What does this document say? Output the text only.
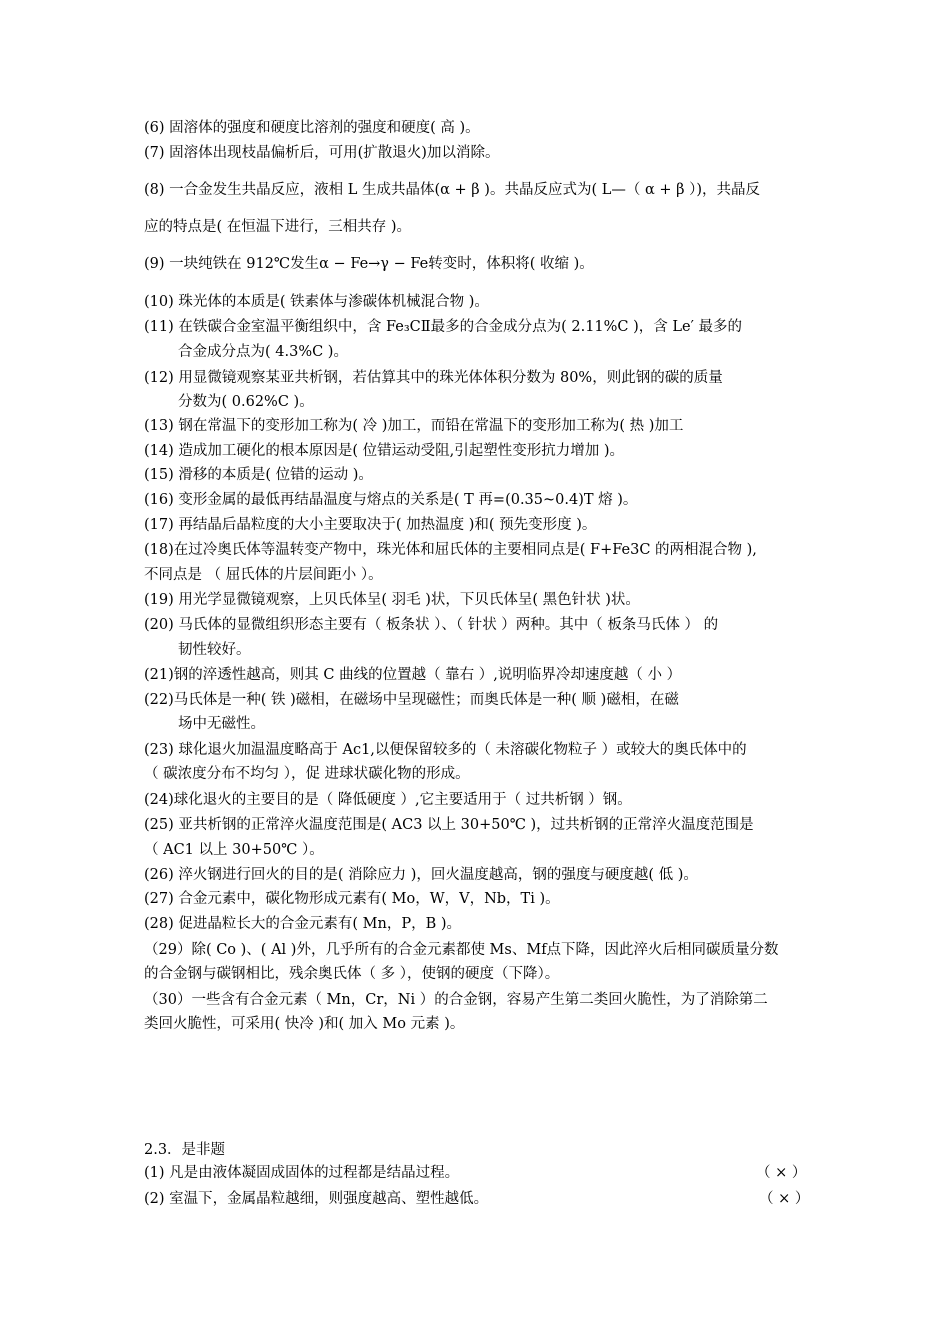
(6) 固溶体的强度和硬度比溶剂的强度和硬度( 高 )。
(7) 固溶体出现枝晶偏析后，可用(扩散退火)加以消除。
(8) 一合金发生共晶反应，液相 L 生成共晶体(α + β )。共晶反应式为( L—（ α + β ）)，共晶反
应的特点是( 在恒温下进行，三相共存 )。
(9) 一块纯铁在 912℃发生α − Fe→γ − Fe转变时，体积将( 收缩 )。
(10) 珠光体的本质是( 铁素体与渗碳体机械混合物 )。
(11) 在铁碳合金室温平衡组织中，含 Fe₃CⅡ最多的合金成分点为( 2.11%C )，含 Le′ 最多的
合金成分点为( 4.3%C )。
(12) 用显微镜观察某亚共析钢，若估算其中的珠光体体积分数为 80%，则此钢的碳的质量
分数为( 0.62%C )。
(13) 钢在常温下的变形加工称为( 冷 )加工，而铅在常温下的变形加工称为( 热 )加工
(14) 造成加工硬化的根本原因是( 位错运动受阻,引起塑性变形抗力增加 )。
(15) 滑移的本质是( 位错的运动 )。
(16) 变形金属的最低再结晶温度与熔点的关系是( T 再=(0.35~0.4)T 熔 )。
(17) 再结晶后晶粒度的大小主要取决于( 加热温度 )和( 预先变形度 )。
(18)在过冷奥氏体等温转变产物中，珠光体和屈氏体的主要相同点是( F+Fe3C 的两相混合物 ),
不同点是 （ 屈氏体的片层间距小 ）。
(19) 用光学显微镜观察，上贝氏体呈( 羽毛 )状，下贝氏体呈( 黑色针状 )状。
(20) 马氏体的显微组织形态主要有（ 板条状 ）、（ 针状 ）两种。其中（ 板条马氏体 ） 的
韧性较好。
(21)钢的淬透性越高，则其 C 曲线的位置越（ 靠右 ）,说明临界冷却速度越（ 小 ）
(22)马氏体是一种( 铁 )磁相，在磁场中呈现磁性；而奥氏体是一种( 顺 )磁相，在磁
场中无磁性。
(23) 球化退火加温温度略高于 Ac1,以便保留较多的（ 未溶碳化物粒子 ）或较大的奥氏体中的
（ 碳浓度分布不均匀 ），促 进球状碳化物的形成。
(24)球化退火的主要目的是（ 降低硬度 ）,它主要适用于（ 过共析钢 ）钢。
(25) 亚共析钢的正常淬火温度范围是( AC3 以上 30+50℃ )，过共析钢的正常淬火温度范围是
（ AC1 以上 30+50℃ ）。
(26) 淬火钢进行回火的目的是( 消除应力 )，回火温度越高，钢的强度与硬度越( 低 )。
(27) 合金元素中，碳化物形成元素有( Mo，W，V，Nb，Ti )。
(28) 促进晶粒长大的合金元素有( Mn，P，B )。
（29）除( Co )、( Al )外，几乎所有的合金元素都使 Ms、Mf点下降，因此淬火后相同碳质量分数
的合金钢与碳钢相比，残余奥氏体（ 多 ），使钢的硬度（下降）。
（30）一些含有合金元素（ Mn，Cr，Ni ）的合金钢，容易产生第二类回火脆性，为了消除第二
类回火脆性，可采用( 快冷 )和( 加入 Mo 元素 )。
2.3．是非题
(1) 凡是由液体凝固成固体的过程都是结晶过程。	（ × ）
(2) 室温下，金属晶粒越细，则强度越高、塑性越低。	（ × ）
